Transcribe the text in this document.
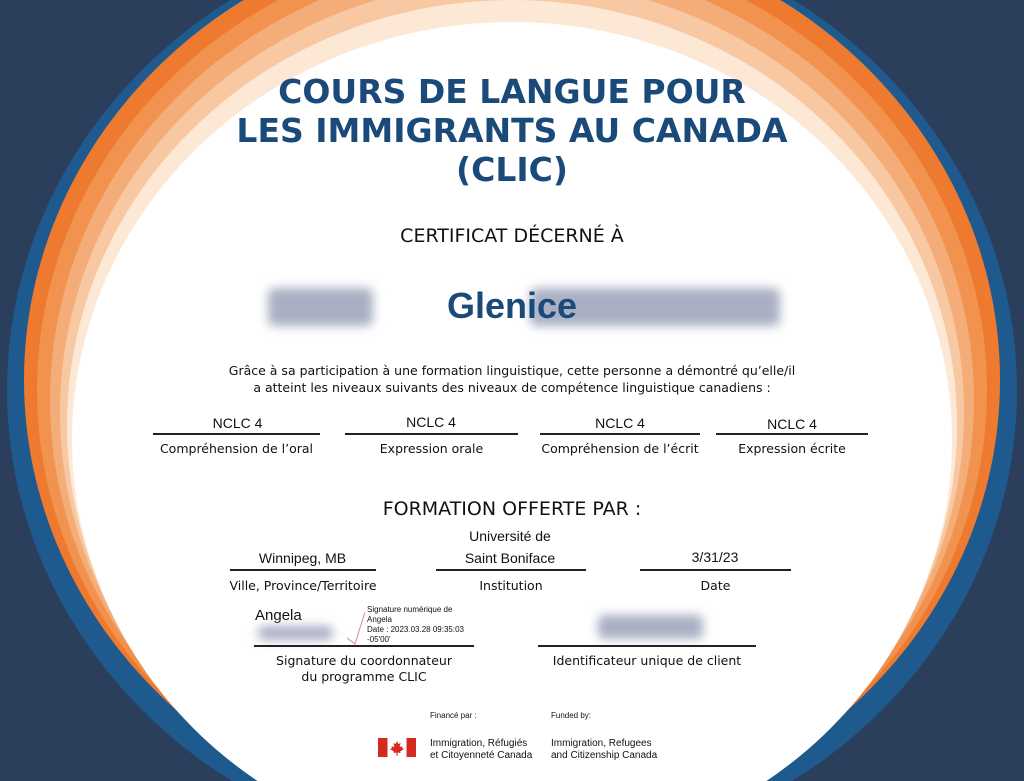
COURS DE LANGUE POUR
LES IMMIGRANTS AU CANADA
(CLIC)
CERTIFICAT DÉCERNÉ À
Glenice
Grâce à sa participation à une formation linguistique, cette personne a démontré qu’elle/il
a atteint les niveaux suivants des niveaux de compétence linguistique canadiens :
NCLC 4
Compréhension de l’oral
NCLC 4
Expression orale
NCLC 4
Compréhension de l’écrit
NCLC 4
Expression écrite
FORMATION OFFERTE PAR :
Winnipeg, MB
Ville, Province/Territoire
Université de
Saint Boniface
Institution
3/31/23
Date
Angela	Signature numérique de
Angela
Date : 2023.03.28 09:35:03
-05'00'
Signature du coordonnateur
du programme CLIC
Identificateur unique de client
Financé par :	Funded by:
Immigration, Réfugiés
et Citoyenneté Canada
Immigration, Refugees
and Citizenship Canada
